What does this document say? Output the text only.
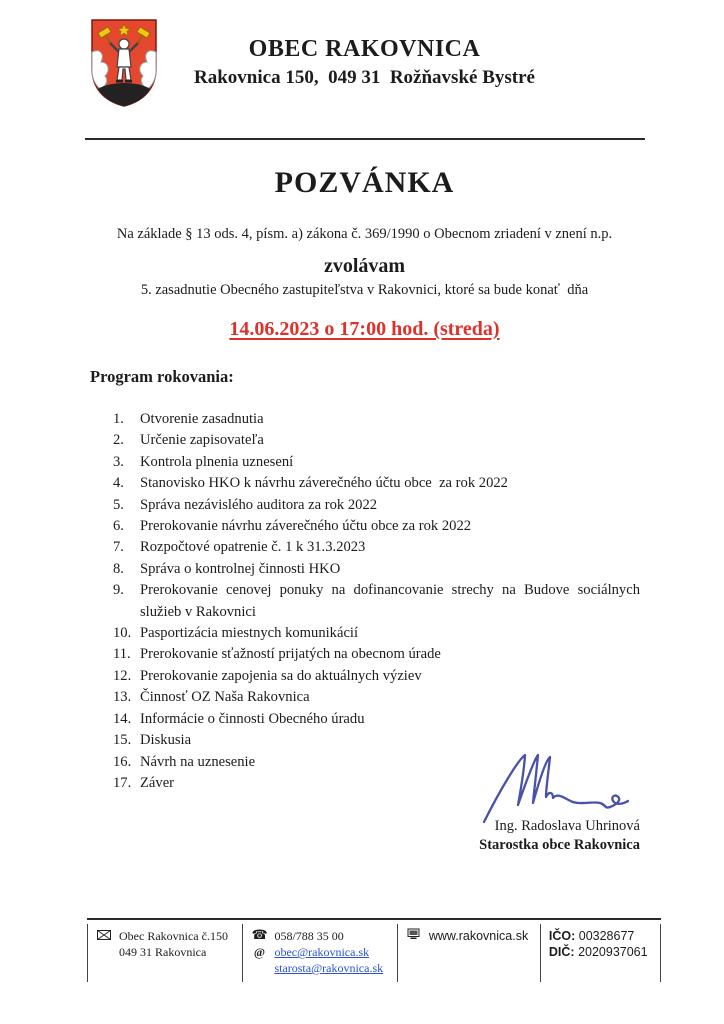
OBEC RAKOVNICA
Rakovnica 150,  049 31  Rožňavské Bystré
POZVÁNKA
Na základe § 13 ods. 4, písm. a) zákona č. 369/1990 o Obecnom zriadení v znení n.p.
zvolávam
5. zasadnutie Obecného zastupiteľstva v Rakovnici, ktoré sa bude konať  dňa
14.06.2023 o 17:00 hod. (streda)
Program rokovania:
1.	Otvorenie zasadnutia
2.	Určenie zapisovateľa
3.	Kontrola plnenia uznesení
4.	Stanovisko HKO k návrhu záverečného účtu obce  za rok 2022
5.	Správa nezávislého auditora za rok 2022
6.	Prerokovanie návrhu záverečného účtu obce za rok 2022
7.	Rozpočtové opatrenie č. 1 k 31.3.2023
8.	Správa o kontrolnej činnosti HKO
9.	Prerokovanie cenovej ponuky na dofinancovanie strechy na Budove sociálnych služieb v Rakovnici
10. Pasportizácia miestnych komunikácií
11. Prerokovanie sťažností prijatých na obecnom úrade
12. Prerokovanie zapojenia sa do aktuálnych výziev
13. Činnosť OZ Naša Rakovnica
14. Informácie o činnosti Obecného úradu
15. Diskusia
16. Návrh na uznesenie
17. Záver
Ing. Radoslava Uhrinová
Starostka obce Rakovnica
Obec Rakovnica č.150
049 31 Rakovnica
☎ 058/788 35 00
@ obec@rakovnica.sk
starosta@rakovnica.sk
www.rakovnica.sk IČO: 00328677
DIČ: 2020937061
